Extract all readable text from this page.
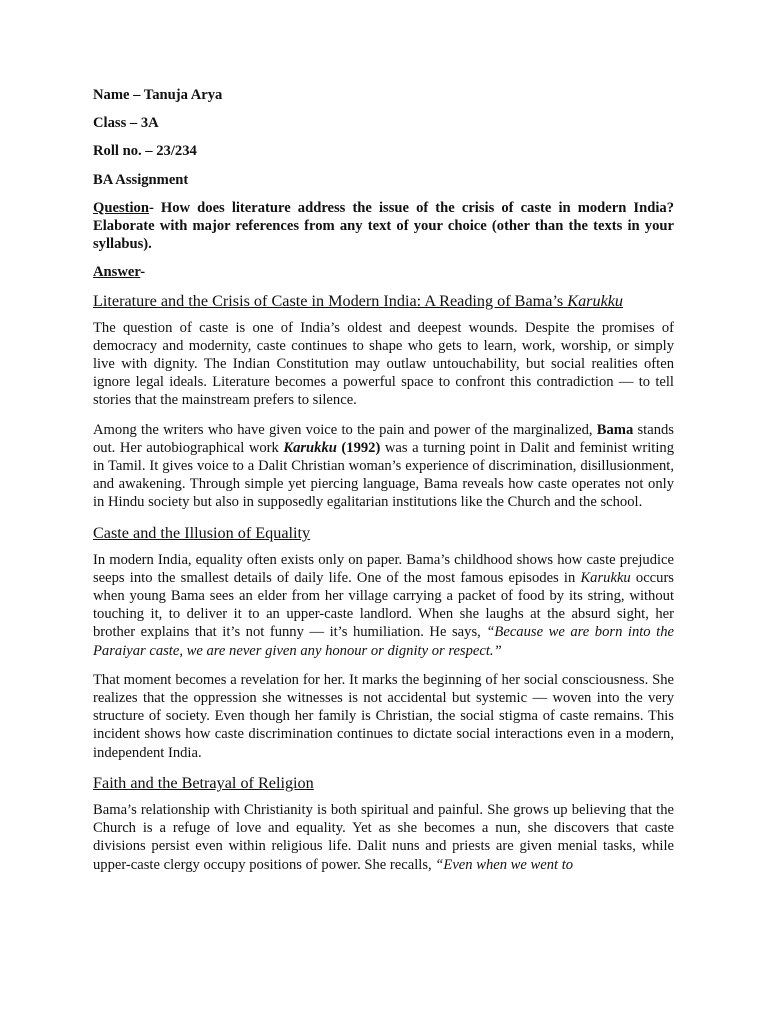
Name – Tanuja Arya

Class – 3A

Roll no. – 23/234

BA Assignment

Question- How does literature address the issue of the crisis of caste in modern India? Elaborate with major references from any text of your choice (other than the texts in your syllabus).

Answer-

Literature and the Crisis of Caste in Modern India: A Reading of Bama’s Karukku

The question of caste is one of India’s oldest and deepest wounds. Despite the promises of democracy and modernity, caste continues to shape who gets to learn, work, worship, or simply live with dignity. The Indian Constitution may outlaw untouchability, but social realities often ignore legal ideals. Literature becomes a powerful space to confront this contradiction — to tell stories that the mainstream prefers to silence.

Among the writers who have given voice to the pain and power of the marginalized, Bama stands out. Her autobiographical work Karukku (1992) was a turning point in Dalit and feminist writing in Tamil. It gives voice to a Dalit Christian woman’s experience of discrimination, disillusionment, and awakening. Through simple yet piercing language, Bama reveals how caste operates not only in Hindu society but also in supposedly egalitarian institutions like the Church and the school.

Caste and the Illusion of Equality

In modern India, equality often exists only on paper. Bama’s childhood shows how caste prejudice seeps into the smallest details of daily life. One of the most famous episodes in Karukku occurs when young Bama sees an elder from her village carrying a packet of food by its string, without touching it, to deliver it to an upper-caste landlord. When she laughs at the absurd sight, her brother explains that it’s not funny — it’s humiliation. He says, “Because we are born into the Paraiyar caste, we are never given any honour or dignity or respect.”

That moment becomes a revelation for her. It marks the beginning of her social consciousness. She realizes that the oppression she witnesses is not accidental but systemic — woven into the very structure of society. Even though her family is Christian, the social stigma of caste remains. This incident shows how caste discrimination continues to dictate social interactions even in a modern, independent India.

Faith and the Betrayal of Religion

Bama’s relationship with Christianity is both spiritual and painful. She grows up believing that the Church is a refuge of love and equality. Yet as she becomes a nun, she discovers that caste divisions persist even within religious life. Dalit nuns and priests are given menial tasks, while upper-caste clergy occupy positions of power. She recalls, “Even when we went to
